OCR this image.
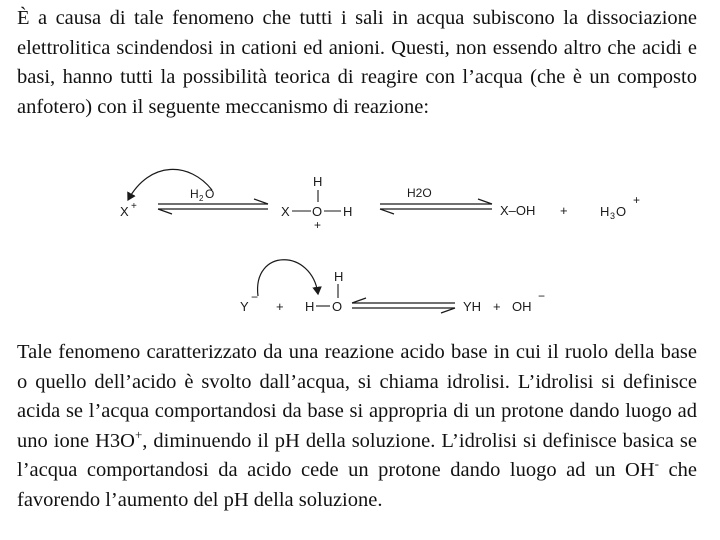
È a causa di tale fenomeno che tutti i sali in acqua subiscono la dissociazione elettrolitica scindendosi in cationi ed anioni. Questi, non essendo altro che acidi e basi, hanno tutti la possibilità teorica di reagire con l’acqua (che è un composto anfotero) con il seguente meccanismo di reazione:

X +
H 2 O
H
X O H
+
H2O
X–OH + H 3 O
+
Y
−
+ H O
H
YH + OH
−

Tale fenomeno caratterizzato da una reazione acido base in cui il ruolo della base o quello dell’acido è svolto dall’acqua, si chiama idrolisi. L’idrolisi si definisce acida se l’acqua comportandosi da base si appropria di un protone dando luogo ad uno ione H3O+, diminuendo il pH della soluzione. L’idrolisi si definisce basica se l’acqua comportandosi da acido cede un protone dando luogo ad un OH- che favorendo l’aumento del pH della soluzione.
